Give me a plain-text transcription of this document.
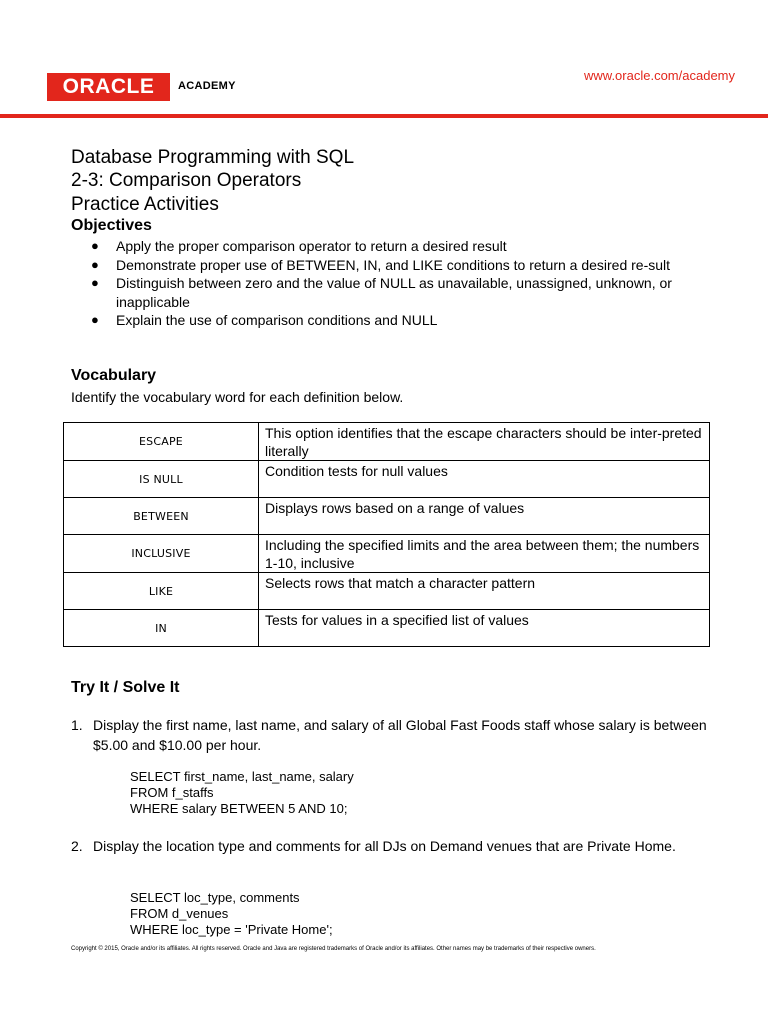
ORACLE	ACADEMY
www.oracle.com/academy
Database Programming with SQL
2-3: Comparison Operators
Practice Activities
Objectives
● Apply the proper comparison operator to return a desired result
● Demonstrate proper use of BETWEEN, IN, and LIKE conditions to return a desired re-sult
● Distinguish between zero and the value of NULL as unavailable, unassigned, unknown, or inapplicable
● Explain the use of comparison conditions and NULL
Vocabulary
Identify the vocabulary word for each definition below.
ESCAPE	This option identifies that the escape characters should be inter-preted literally
IS NULL	Condition tests for null values
BETWEEN	Displays rows based on a range of values
INCLUSIVE	Including the specified limits and the area between them; the numbers 1-10, inclusive
LIKE	Selects rows that match a character pattern
IN	Tests for values in a specified list of values
Try It / Solve It
1. Display the first name, last name, and salary of all Global Fast Foods staff whose salary is between $5.00 and $10.00 per hour.
SELECT first_name, last_name, salary
FROM f_staffs
WHERE salary BETWEEN 5 AND 10;
2. Display the location type and comments for all DJs on Demand venues that are Private Home.
SELECT loc_type, comments
FROM d_venues
WHERE loc_type = 'Private Home';
Copyright © 2015, Oracle and/or its affiliates. All rights reserved. Oracle and Java are registered trademarks of Oracle and/or its affiliates. Other names may be trademarks of their respective owners.
